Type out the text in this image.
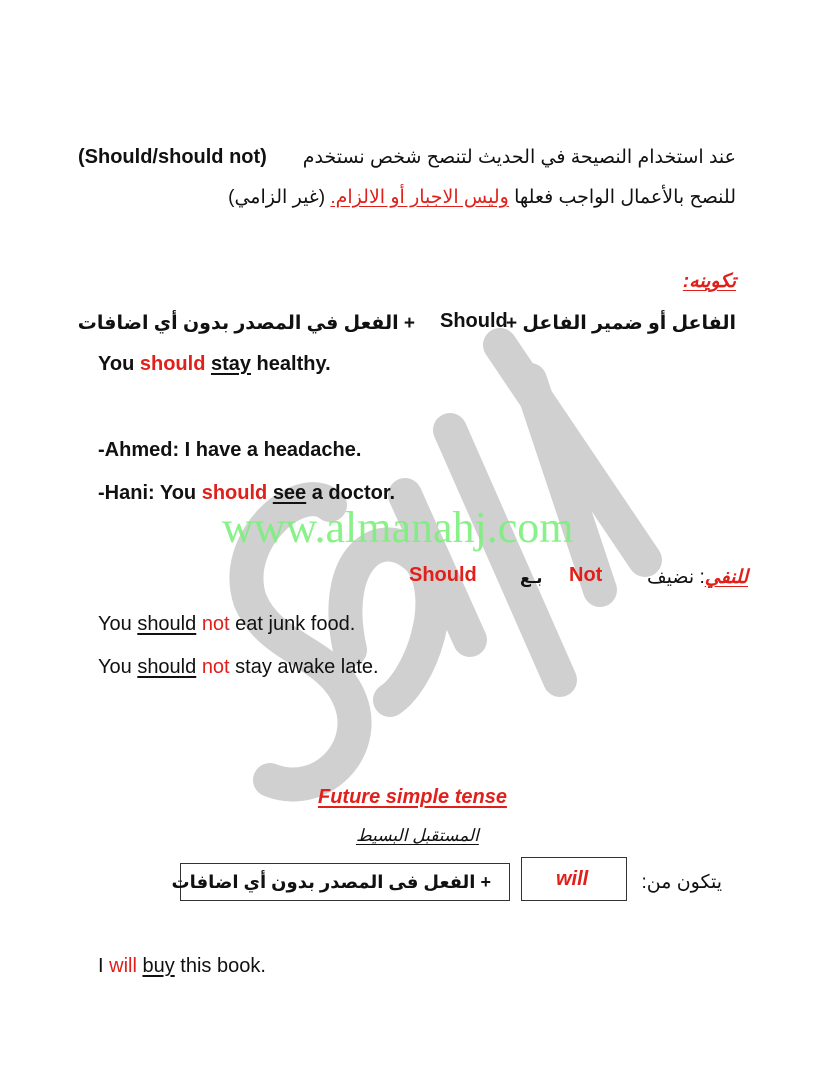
عند استخدام النصيحة في الحديث لتنصح شخص نستخدم
(Should/should not)
للنصح بالأعمال الواجب فعلها وليس الاجبار أو الالزام. (غير الزامي)
تكوينه:
الفاعل أو ضمير الفاعل +
Should
+ الفعل في المصدر بدون أي اضافات
You should stay healthy.
-Ahmed: I have a headache.
-Hani: You should see a doctor.
www.almanahj.com
للنفي: نضيف
Not
بـع
Should
You should not eat junk food.
You should not stay awake late.
Future simple tense
المستقبل البسيط
يتكون من:
will
+ الفعل فى المصدر بدون أي اضافات
I will buy this book.
